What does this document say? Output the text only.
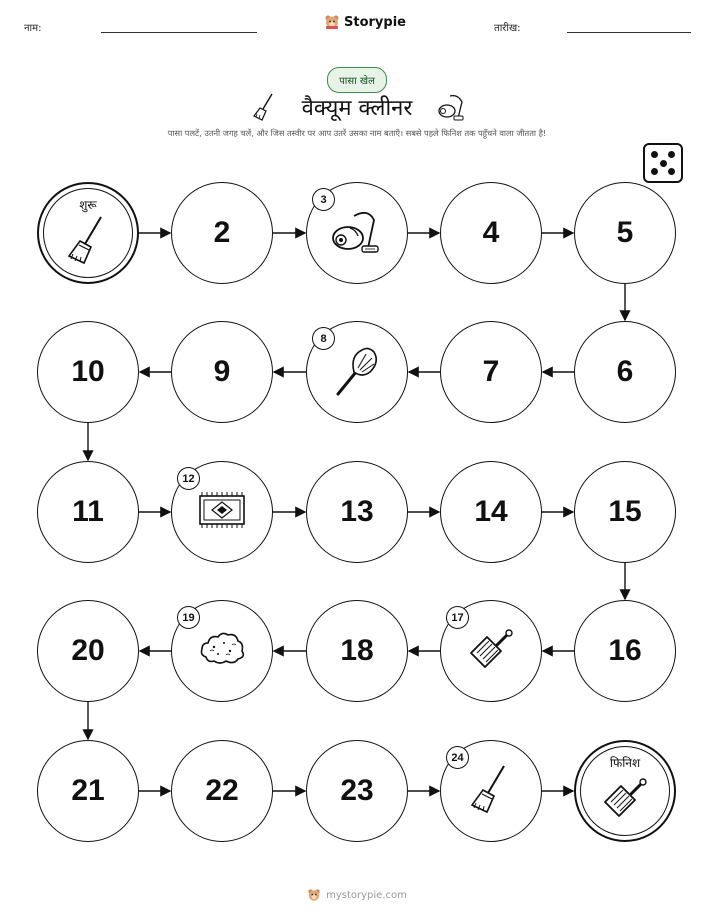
नाम:	Storypie	तारीख:
पासा खेल
वैक्यूम क्लीनर
पासा पलटें, उतनी जगह चलें, और जिस तस्वीर पर आप उतरें उसका नाम बताएँ। सबसे पहले फिनिश तक पहुँचने वाला जीतता है!
शुरू
2
3
4	5
6
7
8
9
10
11
12
13	14	15
16
17
18
19
20
21	22	23
24	फिनिश
mystorypie.com
